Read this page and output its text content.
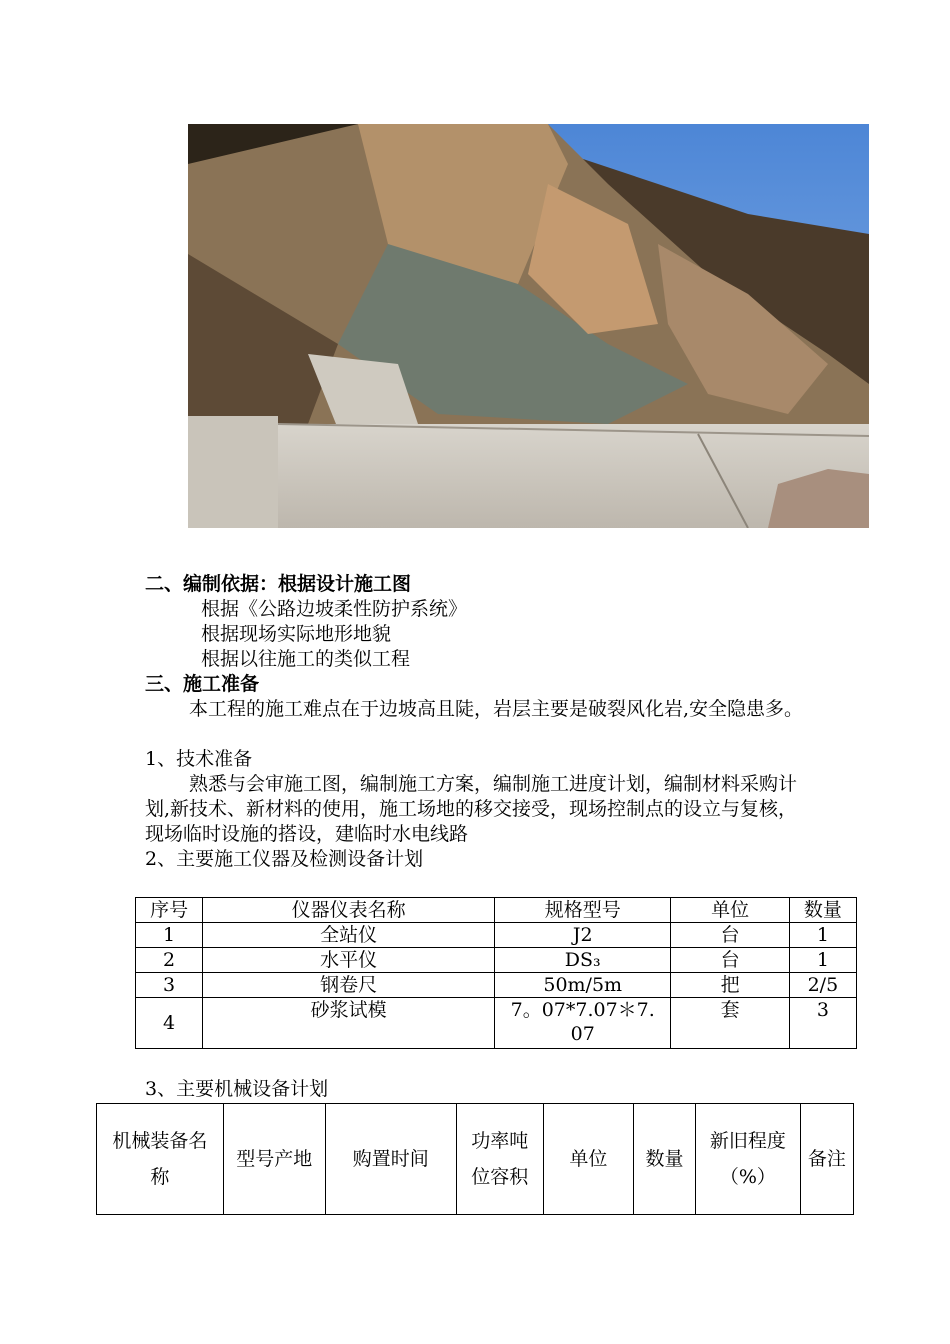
二、编制依据：根据设计施工图
根据《公路边坡柔性防护系统》
根据现场实际地形地貌
根据以往施工的类似工程
三、施工准备
本工程的施工难点在于边坡高且陡，岩层主要是破裂风化岩,安全隐患多。
1、技术准备
熟悉与会审施工图，编制施工方案，编制施工进度计划，编制材料采购计划,新技术、新材料的使用，施工场地的移交接受，现场控制点的设立与复核，现场临时设施的搭设，建临时水电线路
2、主要施工仪器及检测设备计划
序号	仪器仪表名称	规格型号	单位	数量
1	全站仪	J2	台	1
2	水平仪	DS₃	台	1
3	钢卷尺	50m/5m	把	2/5
4	砂浆试模	7。07*7.07＊7.07	套	3
3、主要机械设备计划
机械装备名称	型号产地	购置时间	功率吨位容积	单位	数量	新旧程度（%）	备注
